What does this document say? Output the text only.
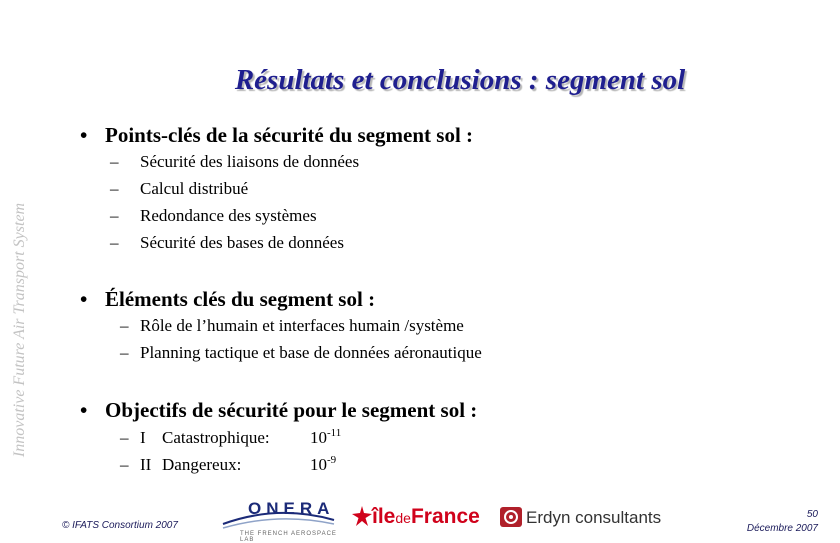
Innovative Future Air Transport System
Résultats et conclusions : segment sol
• Points-clés de la sécurité du segment sol :
– Sécurité des liaisons de données
– Calcul distribué
– Redondance des systèmes
– Sécurité des bases de données
• Éléments clés du segment sol :
– Rôle de l’humain et interfaces humain /système
– Planning tactique et base de données aéronautique
• Objectifs de sécurité pour le segment sol :
– I Catastrophique: $10^{-11}$
– II Dangereux:	$10^{-9}$
© IFATS Consortium 2007
ONERA
THE FRENCH AEROSPACE LAB
îledeFrance	Erdyn consultants	50
Décembre 2007
